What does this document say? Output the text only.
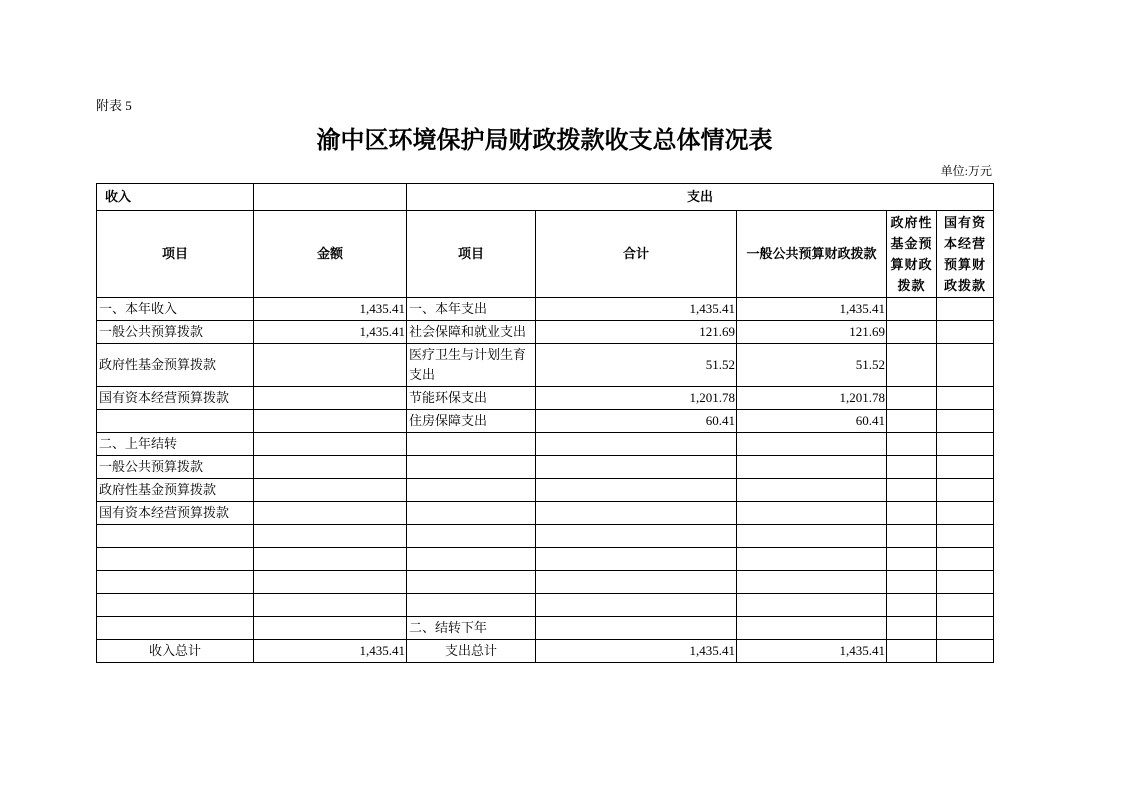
附表 5
渝中区环境保护局财政拨款收支总体情况表
单位:万元
收入		支出				
项目	金额	项目	合计	一般公共预算财政拨款	政府性基金预算财政拨款	国有资本经营预算财政拨款
一、本年收入	1,435.41	一、本年支出	1,435.41	1,435.41		
一般公共预算拨款	1,435.41	社会保障和就业支出	121.69	121.69		
政府性基金预算拨款		医疗卫生与计划生育支出	51.52	51.52		
国有资本经营预算拨款		节能环保支出	1,201.78	1,201.78		
		住房保障支出	60.41	60.41		
二、上年结转						
一般公共预算拨款						
政府性基金预算拨款						
国有资本经营预算拨款						

		二、结转下年				
收入总计	1,435.41	支出总计	1,435.41	1,435.41		
